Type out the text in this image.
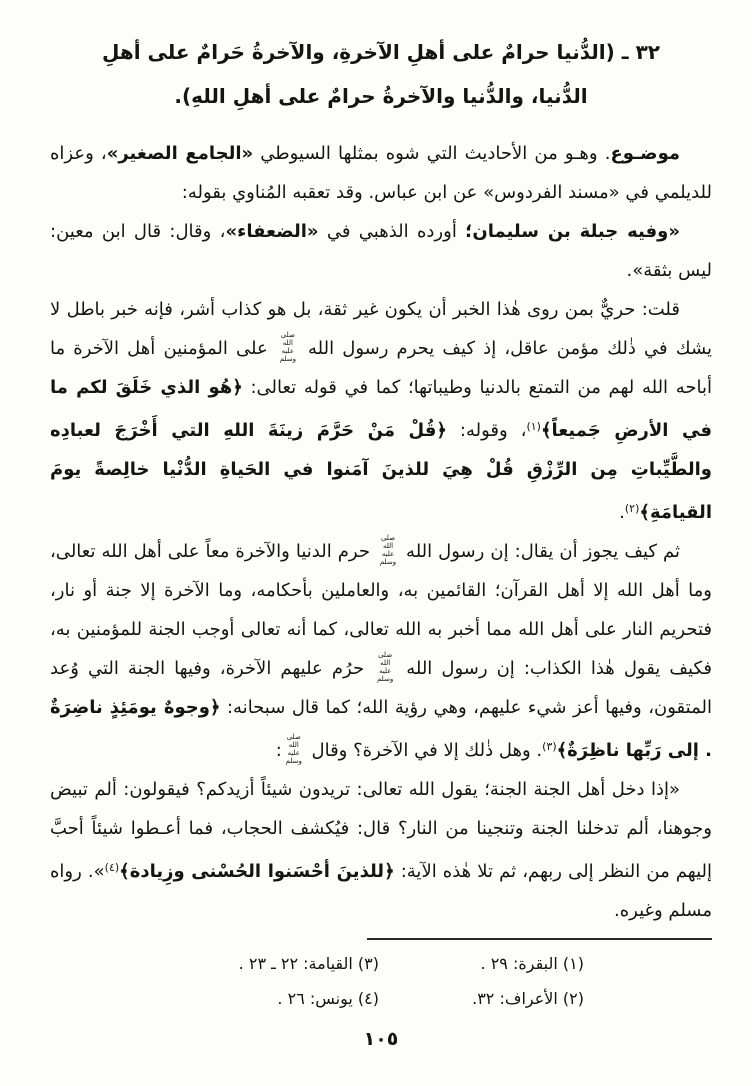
٣٢ ـ (الدُّنيا حرامٌ على أهلِ الآخرةِ، والآخرةُ حَرامٌ على أهلِ
الدُّنيا، والدُّنيا والآخرةُ حرامٌ على أهلِ اللهِ).

موضـوع. وهـو من الأحاديث التي شوه بمثلها السيوطي «الجامع الصغير»، وعزاه للديلمي في «مسند الفردوس» عن ابن عباس. وقد تعقبه المُناوي بقوله:

«وفيه جبلة بن سليمان؛ أورده الذهبي في «الضعفاء»، وقال: قال ابن معين: ليس بثقة».

قلت: حريٌّ بمن روى هٰذا الخبر أن يكون غير ثقة، بل هو كذاب أشر، فإنه خبر باطل لا يشك في ذٰلك مؤمن عاقل، إذ كيف يحرم رسول الله صلى الله عليه وسلم على المؤمنين أهل الآخرة ما أباحه الله لهم من التمتع بالدنيا وطيباتها؛ كما في قوله تعالى: ﴿هُو الذي خَلَقَ لكم ما في الأرضِ جَميعاً﴾$^{(١)}$، وقوله: ﴿قُلْ مَنْ حَرَّمَ زينَةَ اللهِ التي أَخْرَجَ لعبادِه والطَّيِّباتِ مِن الرِّزْقِ قُلْ هِيَ للذينَ آمَنوا في الحَياةِ الدُّنْيا خالِصةً يومَ القيامَةِ﴾$^{(٢)}$.

ثم كيف يجوز أن يقال: إن رسول الله صلى الله عليه وسلم حرم الدنيا والآخرة معاً على أهل الله تعالى، وما أهل الله إلا أهل القرآن؛ القائمين به، والعاملين بأحكامه، وما الآخرة إلا جنة أو نار، فتحريم النار على أهل الله مما أخبر به الله تعالى، كما أنه تعالى أوجب الجنة للمؤمنين به، فكيف يقول هٰذا الكذاب: إن رسول الله صلى الله عليه وسلم حرُم عليهم الآخرة، وفيها الجنة التي وُعد المتقون، وفيها أعز شيء عليهم، وهي رؤية الله؛ كما قال سبحانه: ﴿وجوهٌ يومَئِذٍ ناضِرَةٌ . إلى رَبِّها ناظِرَةٌ﴾$^{(٣)}$. وهل ذٰلك إلا في الآخرة؟ وقال صلى الله عليه وسلم:

«إذا دخل أهل الجنة الجنة؛ يقول الله تعالى: تريدون شيئاً أزيدكم؟ فيقولون: ألم تبيض وجوهنا، ألم تدخلنا الجنة وتنجينا من النار؟ قال: فيُكشف الحجاب، فما أعـطوا شيئاً أحبَّ إليهم من النظر إلى ربهم، ثم تلا هٰذه الآية: ﴿للذينَ أحْسَنوا الحُسْنى وزِيادة﴾$^{(٤)}$». رواه مسلم وغيره.

(١) البقرة: ٢٩ .
(٢) الأعراف: ٣٢.
(٣) القيامة: ٢٢ ـ ٢٣ .
(٤) يونس: ٢٦ .
١٠٥
